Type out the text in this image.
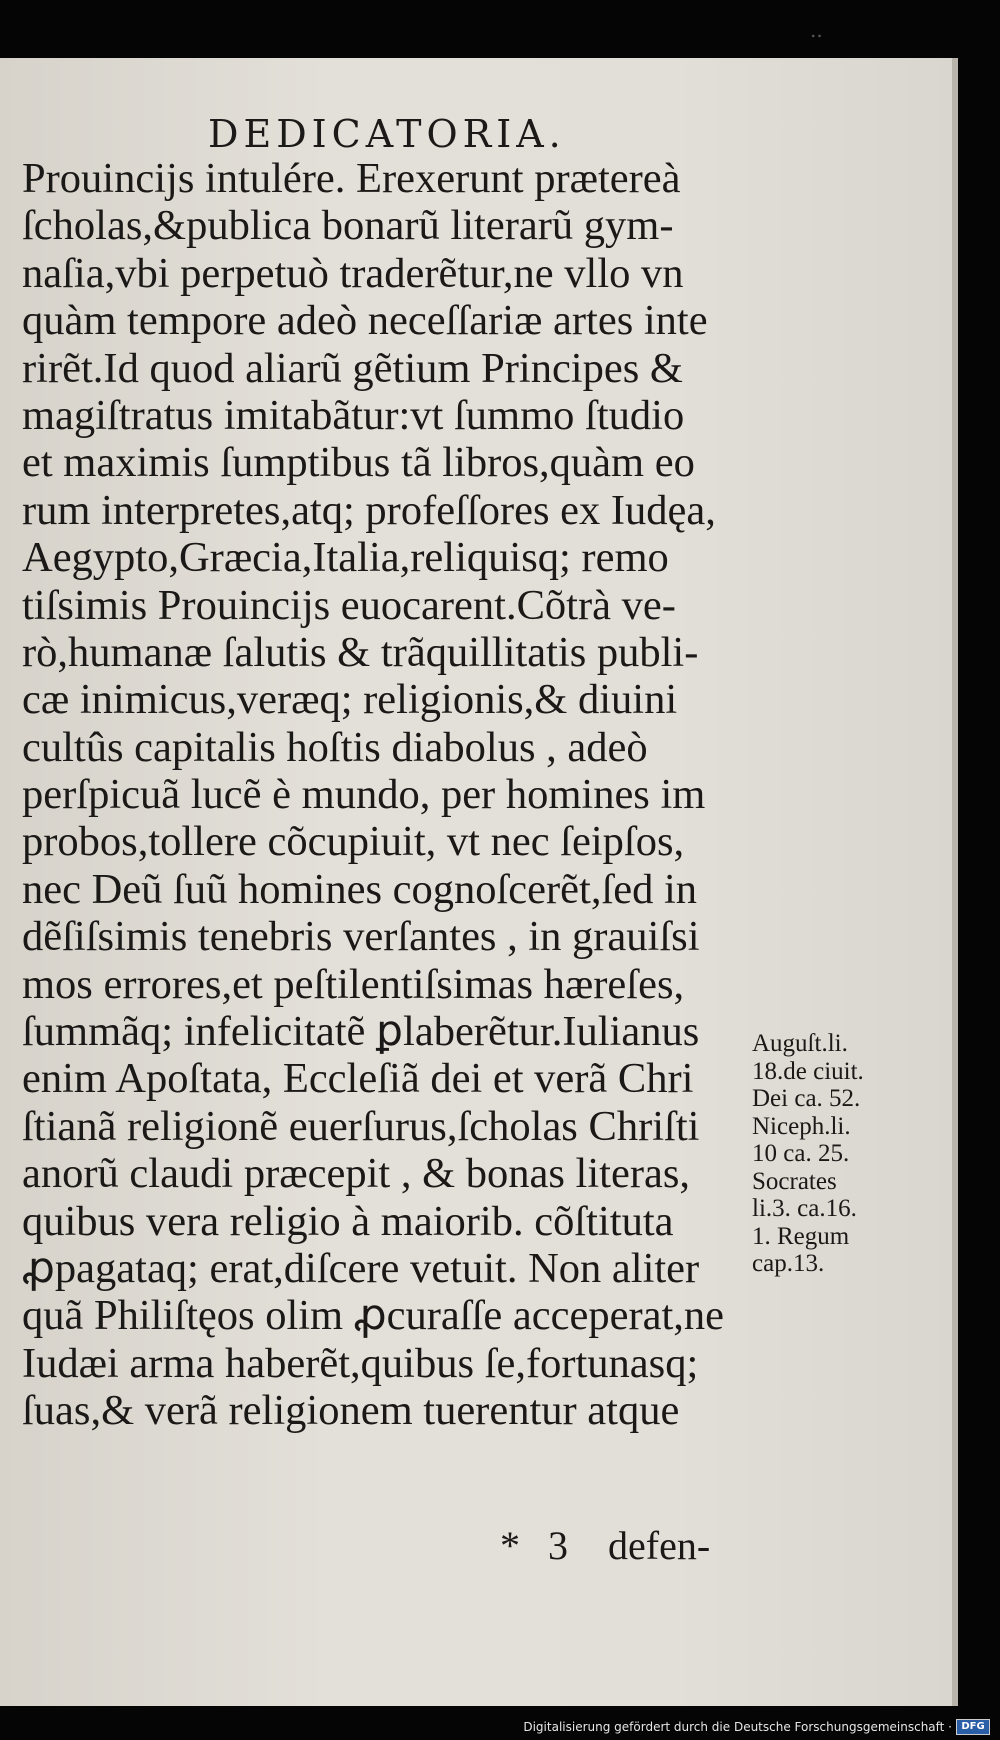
..
DEDICATORIA.
Prouincijs intulére. Erexerunt prætereà
ſcholas,&publica bonarũ literarũ gym-
naſia,vbi perpetuò traderẽtur,ne vllo vn
quàm tempore adeò neceſſariæ artes inte
rirẽt.Id quod aliarũ gẽtium Principes &
magiſtratus imitabãtur:vt ſummo ſtudio
et maximis ſumptibus tã libros,quàm eo
rum interpretes,atq; profeſſores ex Iudęa,
Aegypto,Græcia,Italia,reliquisq; remo
tiſsimis Prouincijs euocarent.Cõtrà ve-
rò,humanæ ſalutis & trãquillitatis publi-
cæ inimicus,veræq; religionis,& diuini
cultûs capitalis hoſtis diabolus , adeò
perſpicuã lucẽ è mundo, per homines im
probos,tollere cõcupiuit, vt nec ſeipſos,
nec Deũ ſuũ homines cognoſcerẽt,ſed in
dẽſiſsimis tenebris verſantes , in grauiſsi
mos errores,et peſtilentiſsimas hæreſes,
ſummãq; infelicitatẽ ꝑlaberẽtur.Iulianus
enim Apoſtata, Eccleſiã dei et verã Chri
ſtianã religionẽ euerſurus,ſcholas Chriſti
anorũ claudi præcepit , & bonas literas,
quibus vera religio à maiorib. cõſtituta
ꝓpagataq; erat,diſcere vetuit. Non aliter
quã Philiſtęos olim ꝓcuraſſe acceperat,ne
Iudæi arma haberẽt,quibus ſe,fortunasq;
ſuas,& verã religionem tuerentur atque
Auguſt.li.
18.de ciuit.
Dei ca. 52.
Niceph.li.
10 ca. 25.
Socrates
li.3. ca.16.
1. Regum
cap.13.
* 3 defen-
Digitalisierung gefördert durch die Deutsche Forschungsgemeinschaft · DFG
